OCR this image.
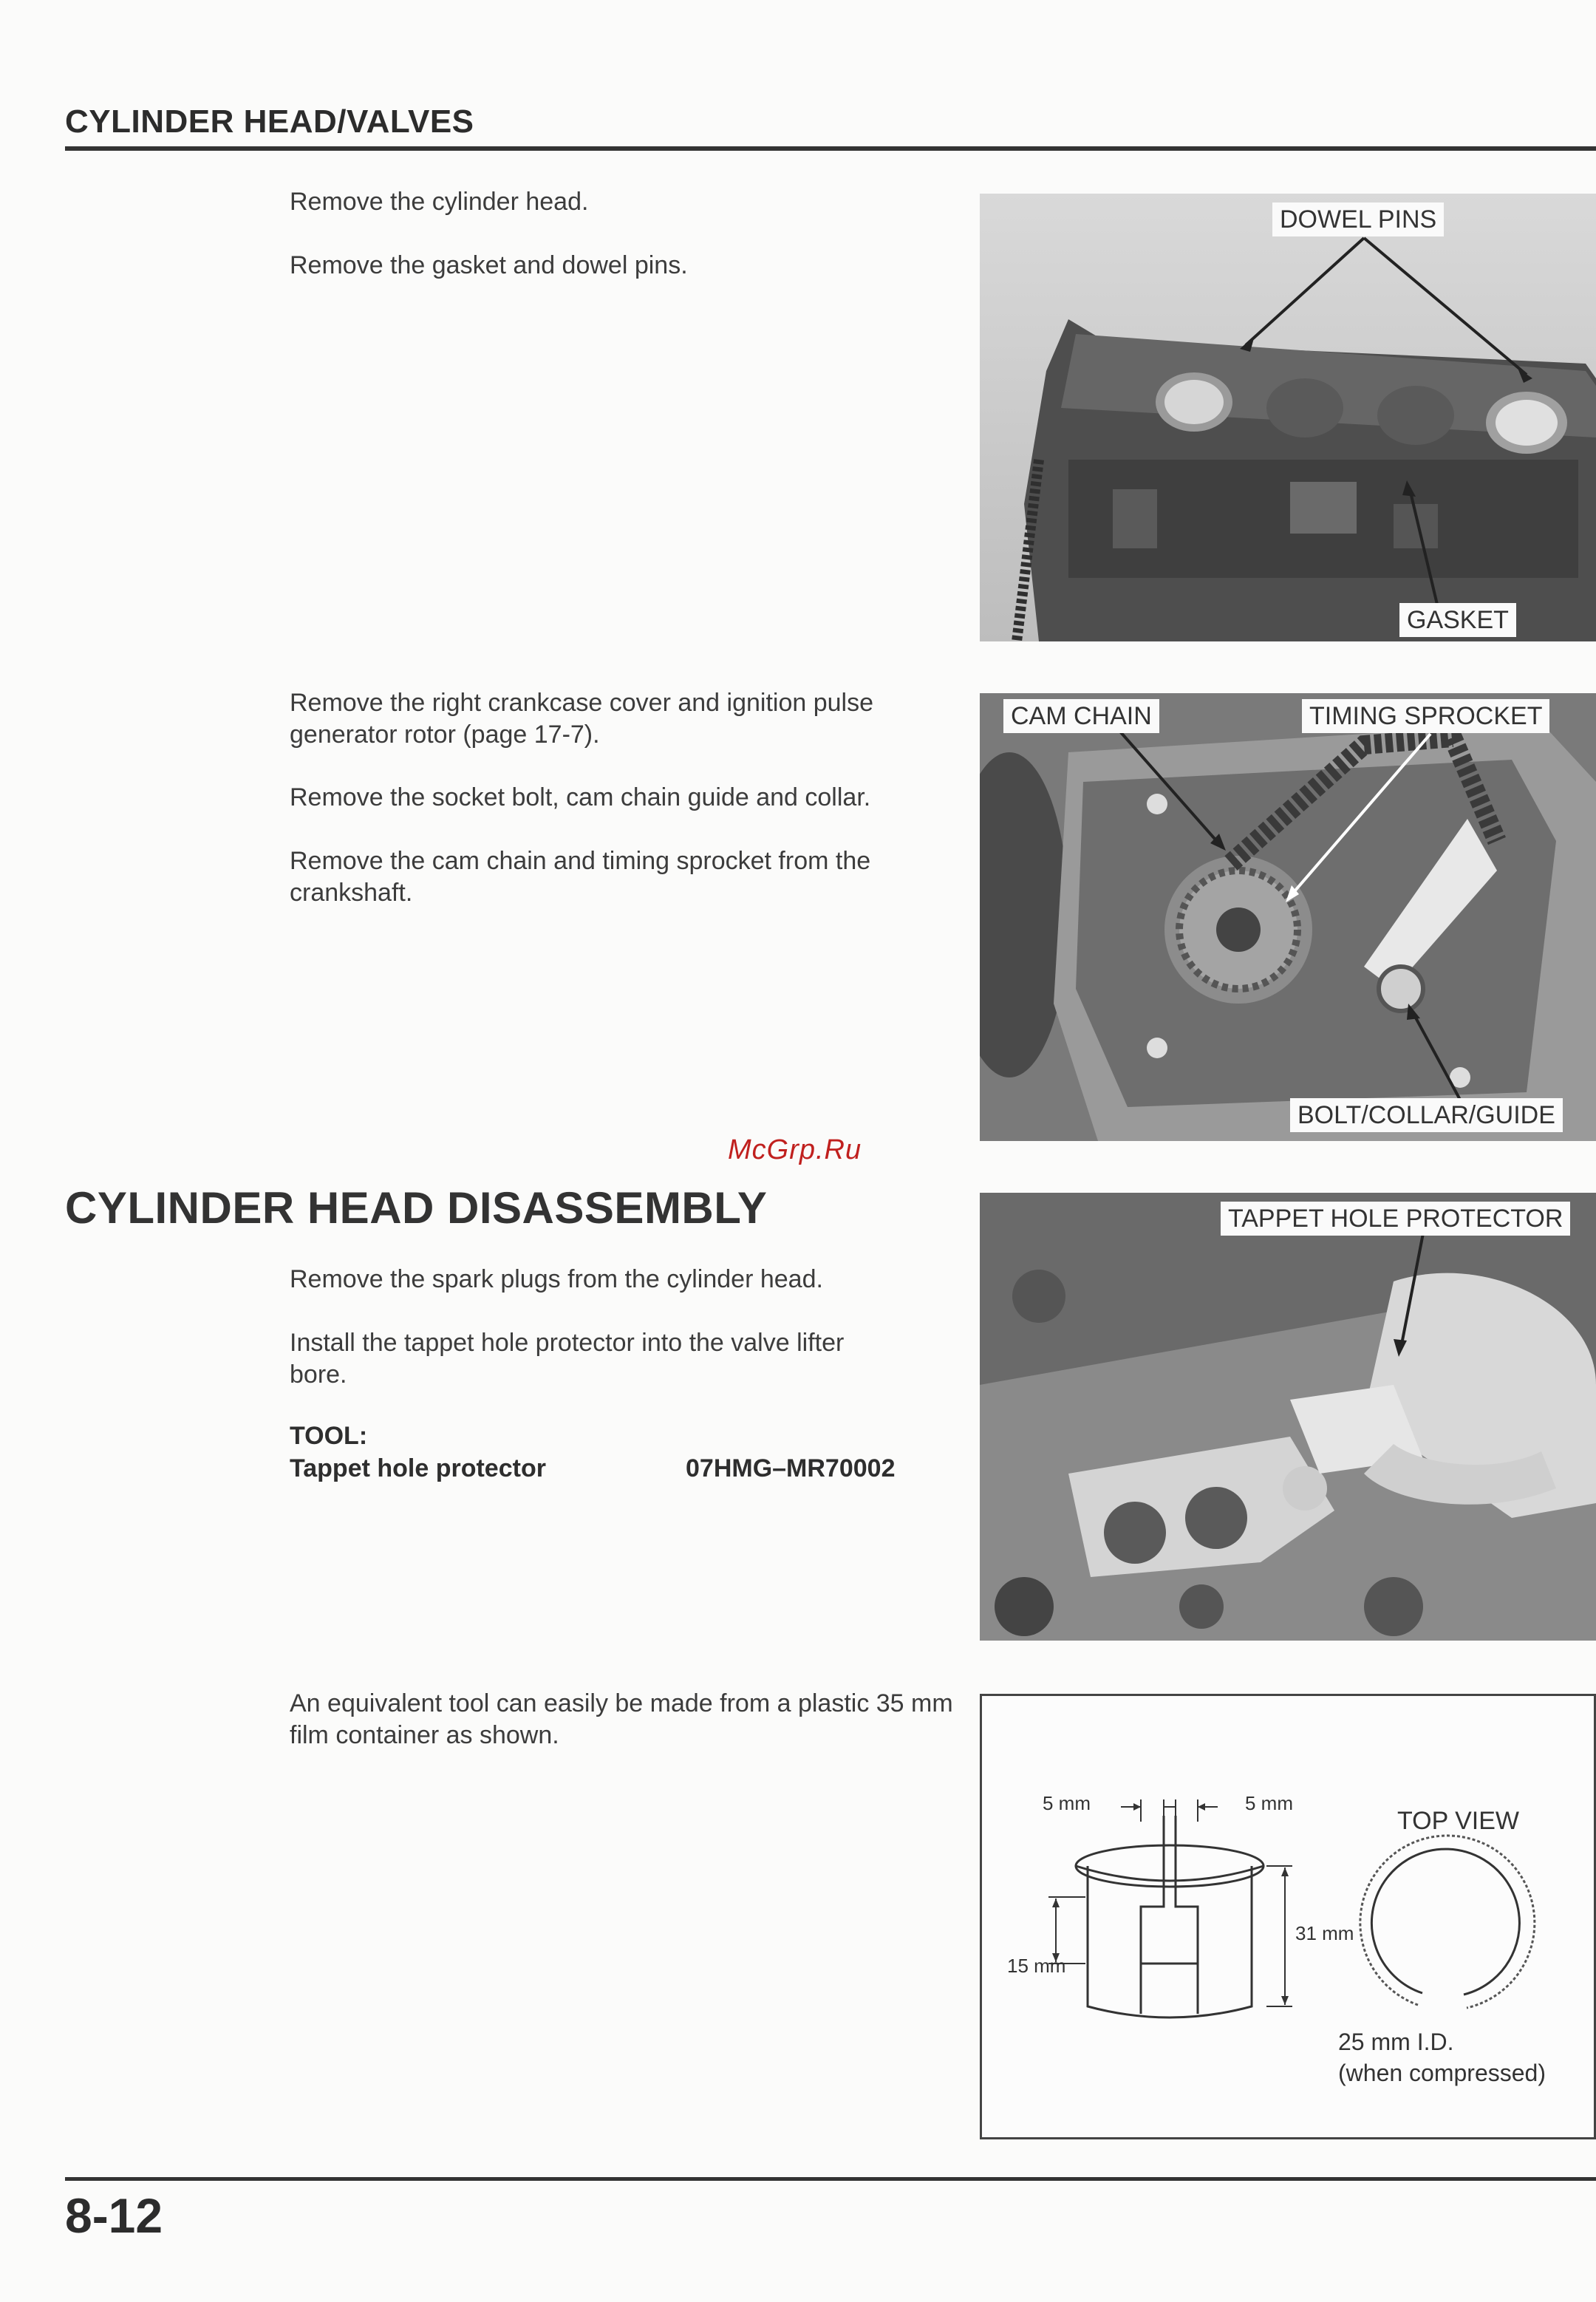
CYLINDER HEAD/VALVES
Remove the cylinder head.
Remove the gasket and dowel pins.
DOWEL PINS
GASKET
Remove the right crankcase cover and ignition pulse generator rotor (page 17-7).
Remove the socket bolt, cam chain guide and collar.
Remove the cam chain and timing sprocket from the crankshaft.
CAM CHAIN	TIMING SPROCKET
BOLT/COLLAR/GUIDE
McGrp.Ru
CYLINDER HEAD DISASSEMBLY
Remove the spark plugs from the cylinder head.
Install the tappet hole protector into the valve lifter bore.
TOOL:
Tappet hole protector	07HMG–MR70002
TAPPET HOLE PROTECTOR
An equivalent tool can easily be made from a plastic 35 mm film container as shown.
5 mm	5 mm
31 mm
15 mm
TOP VIEW
25 mm I.D.
(when compressed)
8-12
